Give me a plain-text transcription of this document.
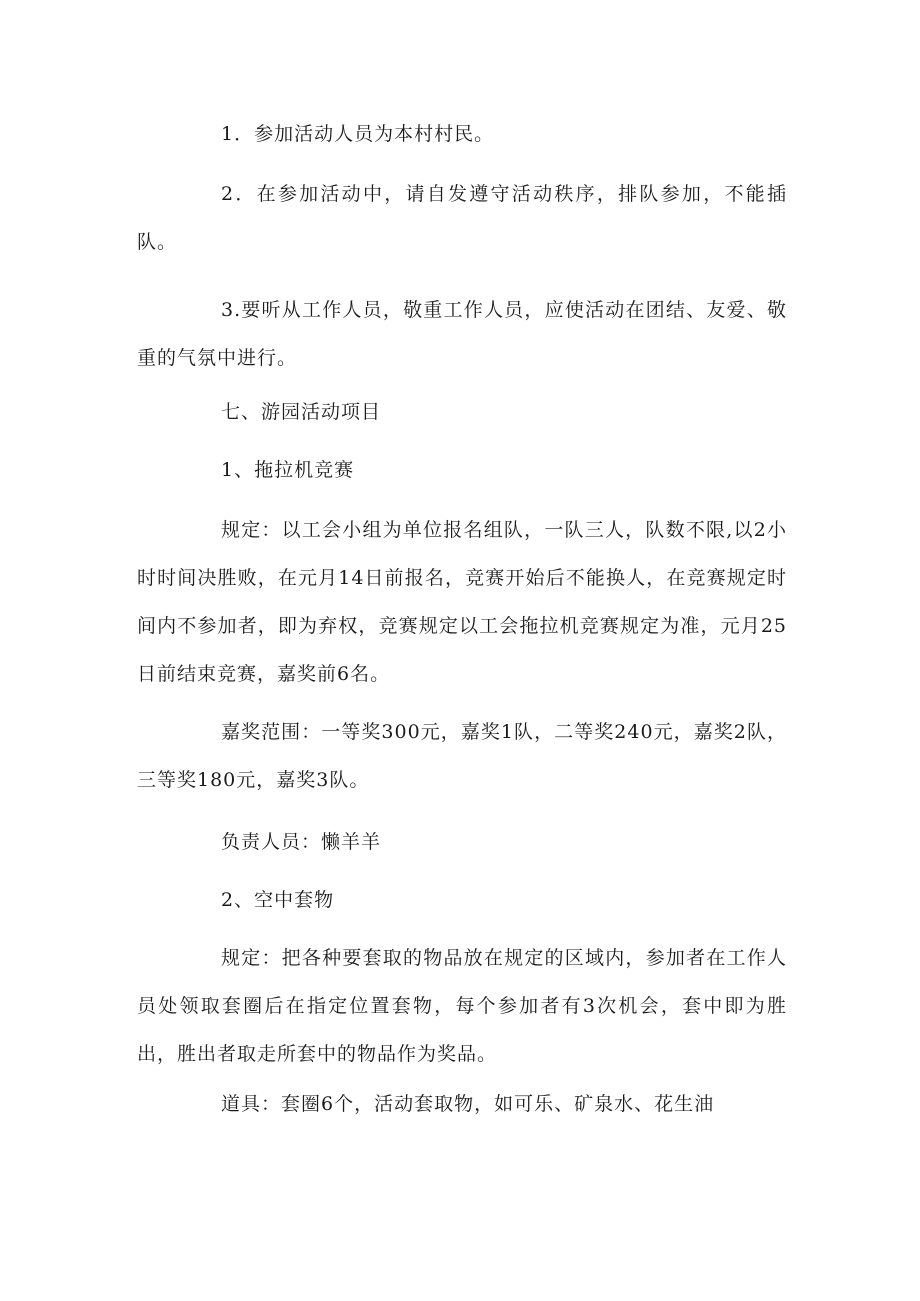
1．参加活动人员为本村村民。

2．在参加活动中，请自发遵守活动秩序，排队参加，不能插队。

3.要听从工作人员，敬重工作人员，应使活动在团结、友爱、敬重的气氛中进行。

七、游园活动项目

1、拖拉机竞赛

规定：以工会小组为单位报名组队，一队三人，队数不限,以2小时时间决胜败，在元月14日前报名，竞赛开始后不能换人，在竞赛规定时间内不参加者，即为弃权，竞赛规定以工会拖拉机竞赛规定为准，元月25日前结束竞赛，嘉奖前6名。

嘉奖范围：一等奖300元，嘉奖1队，二等奖240元，嘉奖2队，三等奖180元，嘉奖3队。

负责人员：懒羊羊

2、空中套物

规定：把各种要套取的物品放在规定的区域内，参加者在工作人员处领取套圈后在指定位置套物，每个参加者有3次机会，套中即为胜出，胜出者取走所套中的物品作为奖品。

道具：套圈6个，活动套取物，如可乐、矿泉水、花生油
